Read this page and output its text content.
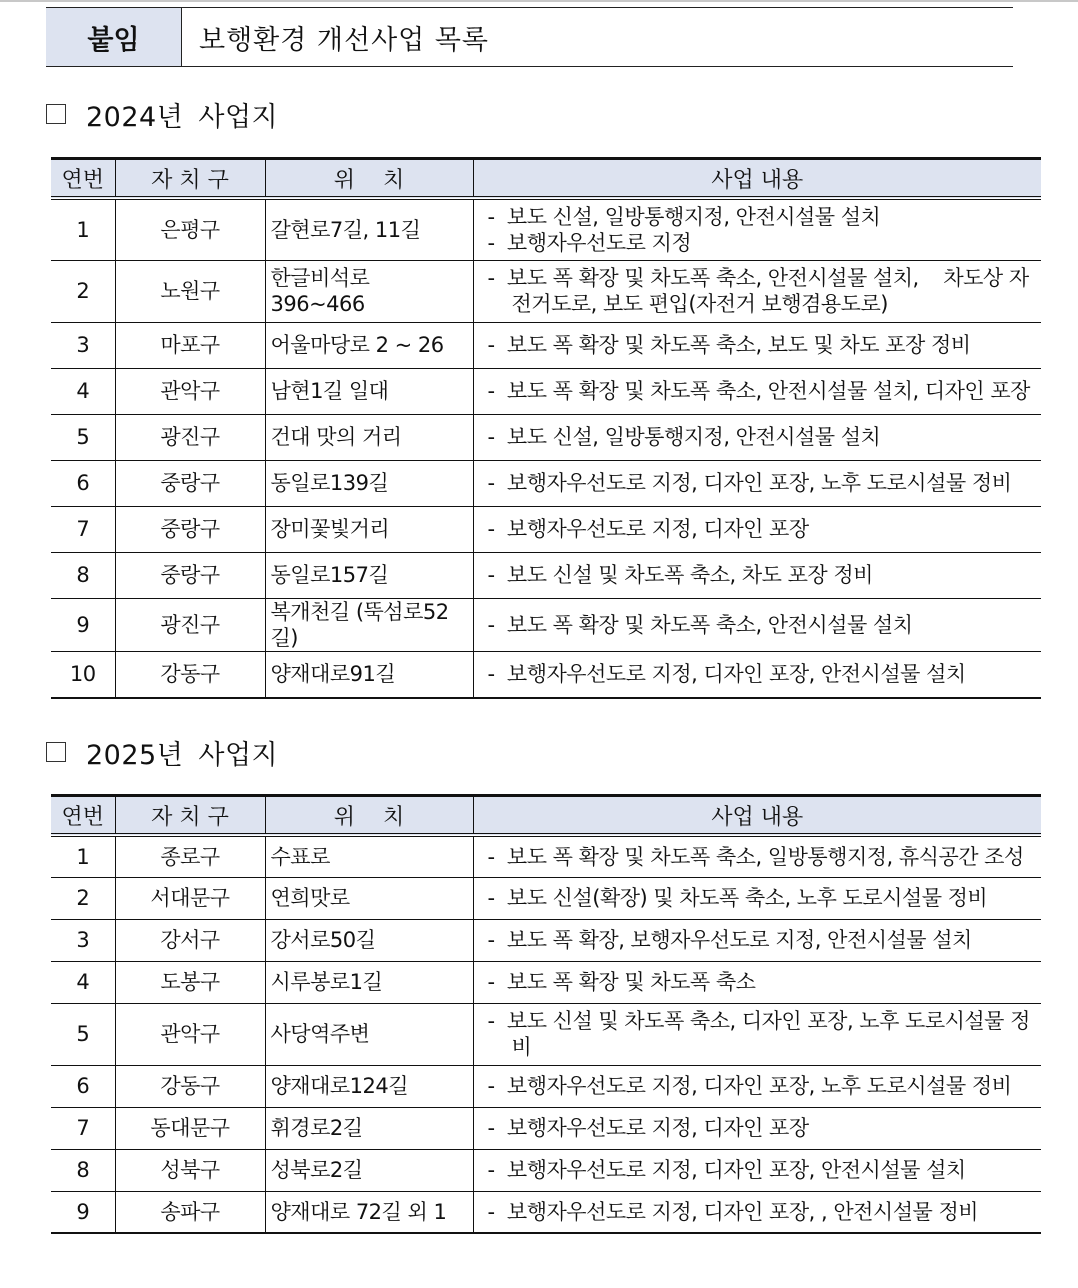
붙임	보행환경 개선사업 목록
2024년 사업지
연번	자 치 구	위    치	사업 내용
1	은평구	갈현로7길, 11길	-  보도 신설, 일방통행지정, 안전시설물 설치
-  보행자우선도로 지정

2	노원구	한글비석로 396~466	-  보도 폭 확장 및 차도폭 축소, 안전시설물 설치,    차도상 자전거도로, 보도 편입(자전거 보행겸용도로)

3	마포구	어울마당로 2 ~ 26	-  보도 폭 확장 및 차도폭 축소, 보도 및 차도 포장 정비

4	관악구	남현1길 일대	-  보도 폭 확장 및 차도폭 축소, 안전시설물 설치, 디자인 포장

5	광진구	건대 맛의 거리	-  보도 신설, 일방통행지정, 안전시설물 설치

6	중랑구	동일로139길	-  보행자우선도로 지정, 디자인 포장, 노후 도로시설물 정비

7	중랑구	장미꽃빛거리	-  보행자우선도로 지정, 디자인 포장

8	중랑구	동일로157길	-  보도 신설 및 차도폭 축소, 차도 포장 정비

9	광진구	복개천길 (뚝섬로52길)	-  보도 폭 확장 및 차도폭 축소, 안전시설물 설치

10	강동구	양재대로91길	-  보행자우선도로 지정, 디자인 포장, 안전시설물 설치
2025년 사업지
연번	자 치 구	위    치	사업 내용
1	종로구	수표로	-  보도 폭 확장 및 차도폭 축소, 일방통행지정, 휴식공간 조성

2	서대문구	연희맛로	-  보도 신설(확장) 및 차도폭 축소, 노후 도로시설물 정비

3	강서구	강서로50길	-  보도 폭 확장, 보행자우선도로 지정, 안전시설물 설치

4	도봉구	시루봉로1길	-  보도 폭 확장 및 차도폭 축소

5	관악구	사당역주변	-  보도 신설 및 차도폭 축소, 디자인 포장, 노후 도로시설물 정비

6	강동구	양재대로124길	-  보행자우선도로 지정, 디자인 포장, 노후 도로시설물 정비

7	동대문구	휘경로2길	-  보행자우선도로 지정, 디자인 포장

8	성북구	성북로2길	-  보행자우선도로 지정, 디자인 포장, 안전시설물 설치

9	송파구	양재대로 72길 외 1	-  보행자우선도로 지정, 디자인 포장, , 안전시설물 정비
